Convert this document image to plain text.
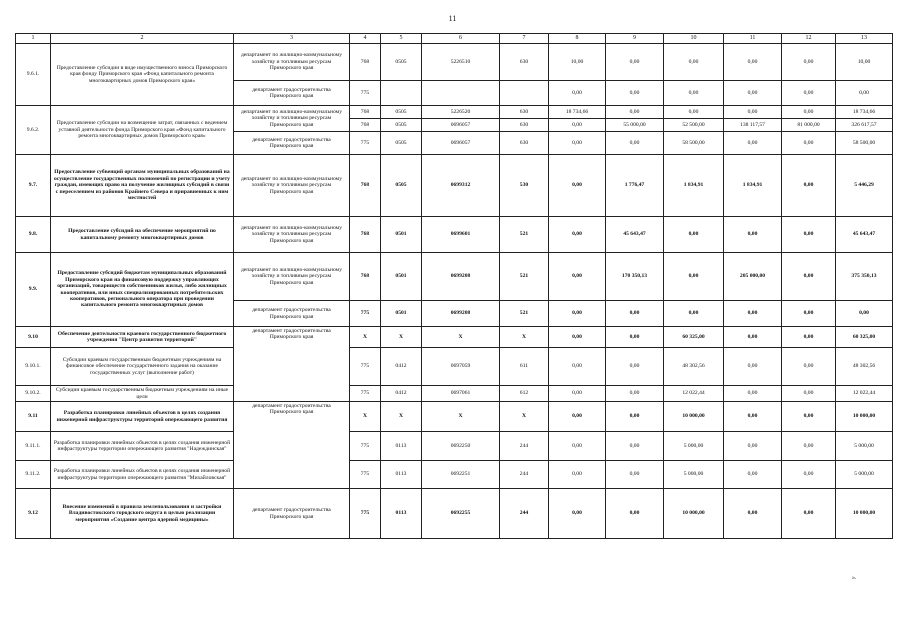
11
1	2	3	4	5	6	7	8	9	10	11	12	13
9.6.1.	Предоставление субсидии в виде имущественного взноса Приморского края фонду Приморского края «Фонд капитального ремонта многоквартирных домов Приморского края»	департамент по жилищно-коммунальному хозяйству и топливным ресурсам Приморского края	768	0505	5226510	630	10,00	0,00	0,00	0,00	0,00	10,00
		департамент градостроительства Приморского края	775				0,00	0,00	0,00	0,00	0,00	0,00
9.6.2.	Предоставление субсидии на возмещение затрат, связанных с ведением уставной деятельности фонда Приморского края «Фонд капитального ремонта многоквартирных домов Приморского края»	департамент по жилищно-коммунальному хозяйству и топливным ресурсам Приморского края	768	0505	5226520	630	18 734,66	0,00	0,00	0,00	0,00	18 734,66
			768	0505	0696057	630	0,00	55 000,00	52 500,00	138 117,57	81 000,00	326 617,57
		департамент градостроительства Приморского края	775	0505	0696057	630	0,00	0,00	58 500,00	0,00	0,00	58 500,00
9.7.	Предоставление субвенций органам муниципальных образований на осуществление государственных полномочий по регистрации и учету граждан, имеющих право на получение жилищных субсидий в связи с переселением из районов Крайнего Севера и приравненных к ним местностей	департамент по жилищно-коммунальному хозяйству и топливным ресурсам Приморского края	768	0505	0699312	530	0,00	1 776,47	1 834,91	1 834,91	0,00	5 446,29
9.8.	Предоставление субсидий на обеспечение мероприятий по капитальному ремонту многоквартирных домов	департамент по жилищно-коммунальному хозяйству и топливным ресурсам Приморского края	768	0501	0699601	521	0,00	45 643,47	0,00	0,00	0,00	45 643,47
9.9.	Предоставление субсидий бюджетам муниципальных образований Приморского края на финансовую поддержку управляющих организаций, товариществ собственников жилья, либо жилищных кооперативов, или иных специализированных потребительских кооперативов, регионального оператора при проведении капитального ремонта многоквартирных домов	департамент по жилищно-коммунальному хозяйству и топливным ресурсам Приморского края	768	0501	0699208	521	0,00	170 350,13	0,00	205 000,00	0,00	375 350,13
		департамент градостроительства Приморского края	775	0501	0699208	521	0,00	0,00	0,00	0,00	0,00	0,00
9.10	Обеспечение деятельности краевого государственного бюджетного учреждения "Центр развития территорий"	департамент градостроительства Приморского края	X	X	X	X	0,00	0,00	60 325,00	0,00	0,00	60 325,00
9.10.1.	Субсидии краевым государственным бюджетным учреждениям на финансовое обеспечение государственного задания на оказание государственных услуг (выполнение работ)		775	0412	0697059	611	0,00	0,00	48 302,56	0,00	0,00	48 302,56
9.10.2.	Субсидии краевым государственным бюджетным учреждениям на иные цели		775	0412	0697061	612	0,00	0,00	12 022,44	0,00	0,00	12 022,44
9.11	Разработка планировки линейных объектов в целях создания инженерной инфраструктуры территорий опережающего развития	департамент градостроительства Приморского края	X	X	X	X	0,00	0,00	10 000,00	0,00	0,00	10 000,00
9.11.1.	Разработка планировки линейных объектов в целях создания инженерной инфраструктуры территории опережающего развития "Надеждинская"		775	0113	0692250	244	0,00	0,00	5 000,00	0,00	0,00	5 000,00
9.11.2.	Разработка планировки линейных объектов в целях создания инженерной инфраструктуры территории опережающего развития "Михайловская"		775	0113	0692251	244	0,00	0,00	5 000,00	0,00	0,00	5 000,00
9.12	Внесение изменений в правила землепользования и застройки Владивостокского городского округа в целью реализации мероприятия «Создание центра ядерной медицины»	департамент градостроительства Приморского края	775	0113	0692255	244	0,00	0,00	10 000,00	0,00	0,00	10 000,00
».
